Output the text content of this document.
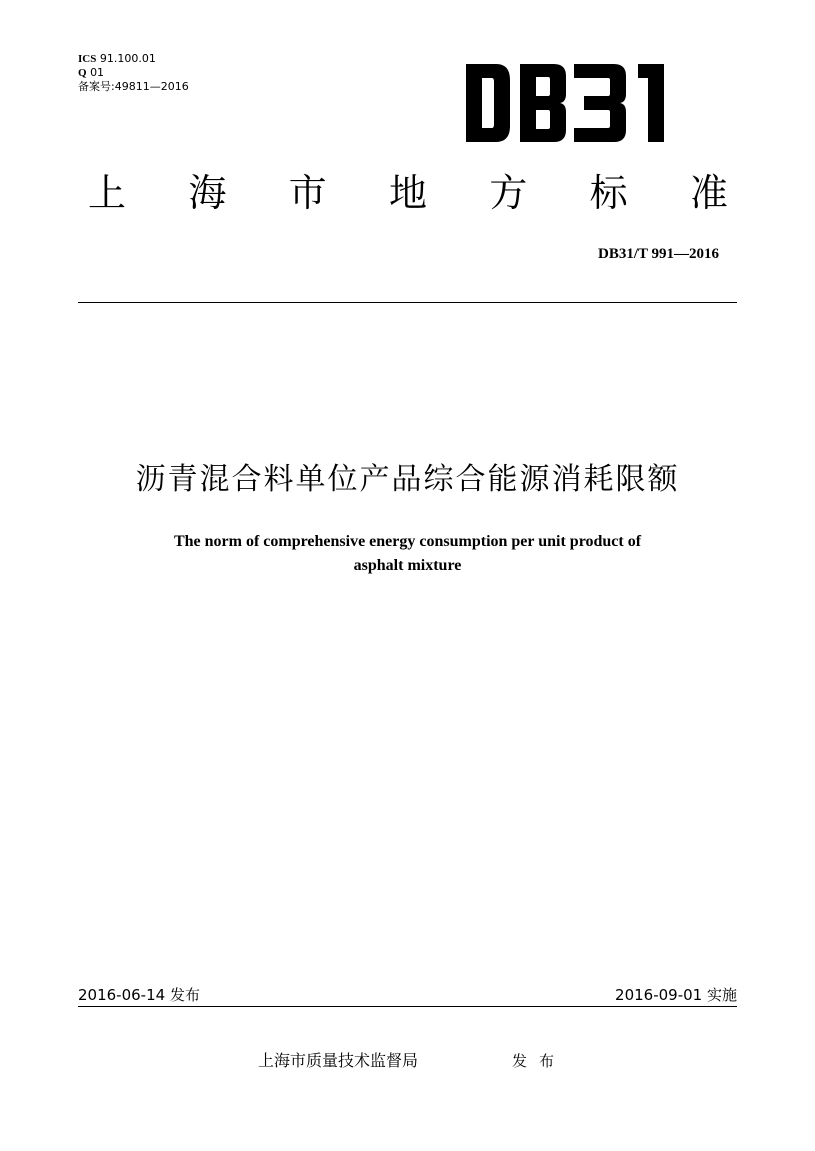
ICS 91.100.01
Q 01
备案号:49811—2016
上 海 市 地 方 标 准
DB31/T 991—2016
沥青混合料单位产品综合能源消耗限额
The norm of comprehensive energy consumption per unit product of
asphalt mixture
2016-06-14 发布	2016-09-01 实施
上海市质量技术监督局	发布
